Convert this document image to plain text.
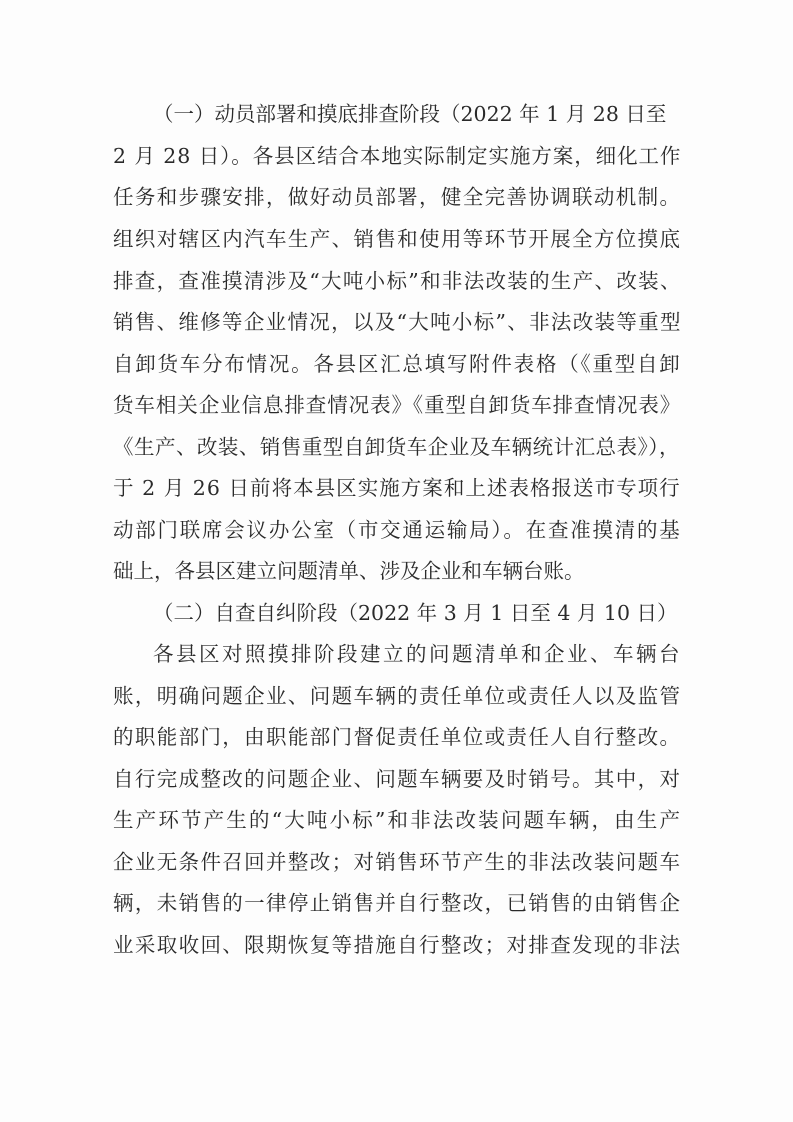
（一）动员部署和摸底排查阶段（2022 年 1 月 28 日至
2 月 28 日）。各县区结合本地实际制定实施方案，细化工作
任务和步骤安排，做好动员部署，健全完善协调联动机制。
组织对辖区内汽车生产、销售和使用等环节开展全方位摸底
排查，查准摸清涉及“大吨小标”和非法改装的生产、改装、
销售、维修等企业情况，以及“大吨小标”、非法改装等重型
自卸货车分布情况。各县区汇总填写附件表格（《重型自卸
货车相关企业信息排查情况表》《重型自卸货车排查情况表》
《生产、改装、销售重型自卸货车企业及车辆统计汇总表》），
于 2 月 26 日前将本县区实施方案和上述表格报送市专项行
动部门联席会议办公室（市交通运输局）。在查准摸清的基
础上，各县区建立问题清单、涉及企业和车辆台账。
（二）自查自纠阶段（2022 年 3 月 1 日至 4 月 10 日）
各县区对照摸排阶段建立的问题清单和企业、车辆台
账，明确问题企业、问题车辆的责任单位或责任人以及监管
的职能部门，由职能部门督促责任单位或责任人自行整改。
自行完成整改的问题企业、问题车辆要及时销号。其中，对
生产环节产生的“大吨小标”和非法改装问题车辆，由生产
企业无条件召回并整改；对销售环节产生的非法改装问题车
辆，未销售的一律停止销售并自行整改，已销售的由销售企
业采取收回、限期恢复等措施自行整改；对排查发现的非法
